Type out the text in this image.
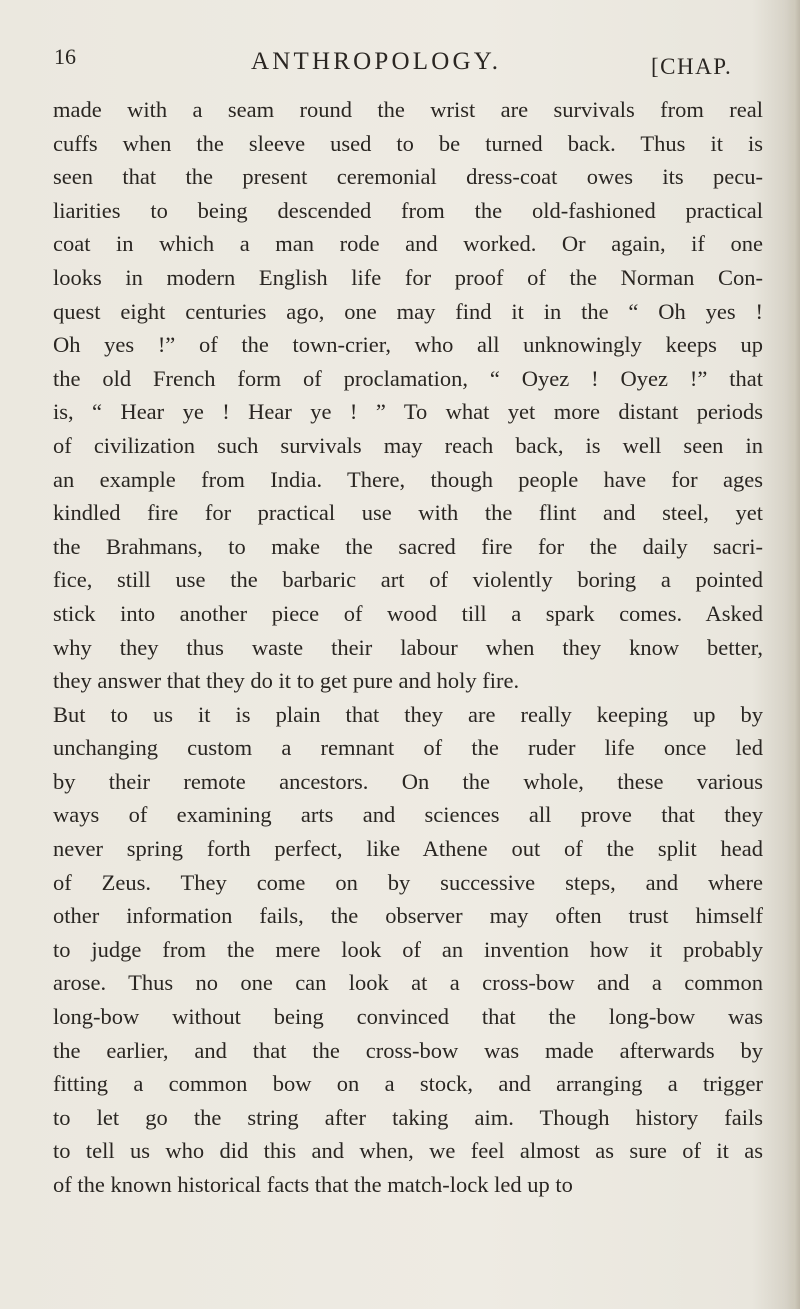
16	ANTHROPOLOGY.	[CHAP.
made with a seam round the wrist are survivals from real
cuffs when the sleeve used to be turned back. Thus it is
seen that the present ceremonial dress-coat owes its pecu-
liarities to being descended from the old-fashioned practical
coat in which a man rode and worked. Or again, if one
looks in modern English life for proof of the Norman Con-
quest eight centuries ago, one may find it in the “ Oh yes !
Oh yes !” of the town-crier, who all unknowingly keeps up
the old French form of proclamation, “ Oyez ! Oyez !” that
is, “ Hear ye ! Hear ye ! ” To what yet more distant periods
of civilization such survivals may reach back, is well seen in
an example from India. There, though people have for ages
kindled fire for practical use with the flint and steel, yet
the Brahmans, to make the sacred fire for the daily sacri-
fice, still use the barbaric art of violently boring a pointed
stick into another piece of wood till a spark comes. Asked
why they thus waste their labour when they know better,
they answer that they do it to get pure and holy fire.
But to us it is plain that they are really keeping up by
unchanging custom a remnant of the ruder life once led
by their remote ancestors. On the whole, these various
ways of examining arts and sciences all prove that they
never spring forth perfect, like Athene out of the split head
of Zeus. They come on by successive steps, and where
other information fails, the observer may often trust himself
to judge from the mere look of an invention how it probably
arose. Thus no one can look at a cross-bow and a common
long-bow without being convinced that the long-bow was
the earlier, and that the cross-bow was made afterwards by
fitting a common bow on a stock, and arranging a trigger
to let go the string after taking aim. Though history fails
to tell us who did this and when, we feel almost as sure of it as
of the known historical facts that the match-lock led up to
